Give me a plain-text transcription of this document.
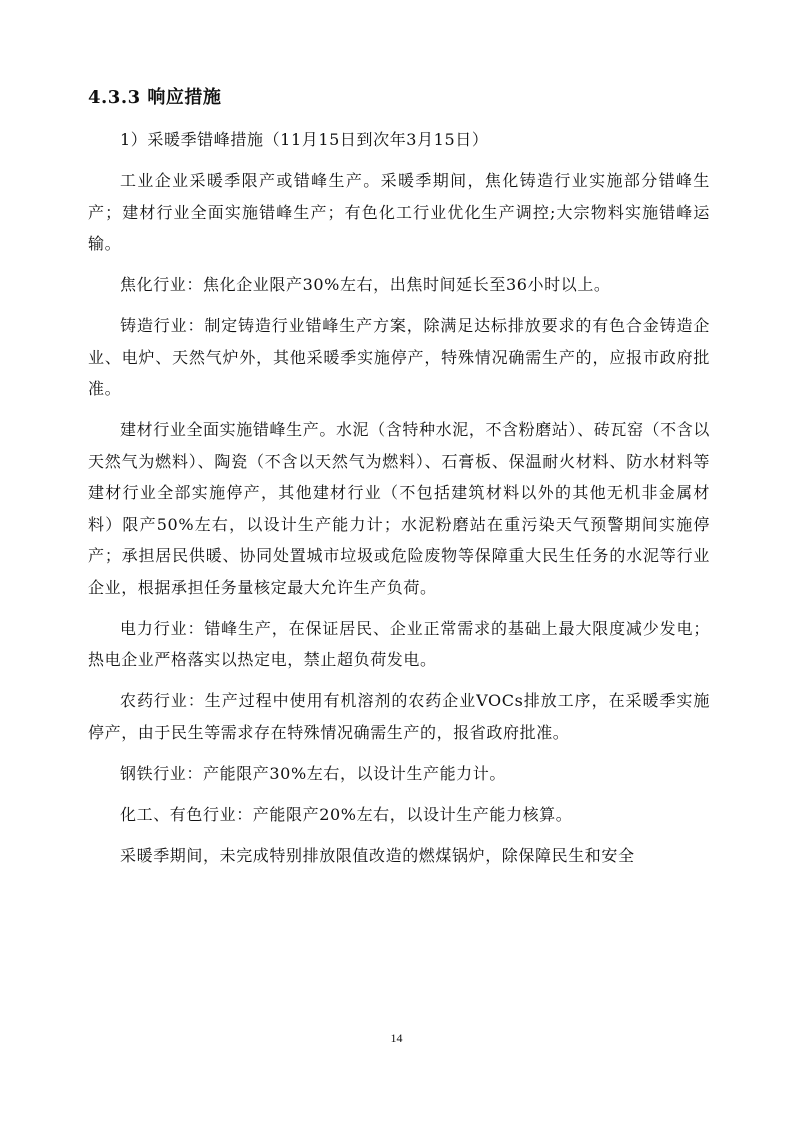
4.3.3 响应措施

1）采暖季错峰措施（11月15日到次年3月15日）

工业企业采暖季限产或错峰生产。采暖季期间，焦化铸造行业实施部分错峰生产；建材行业全面实施错峰生产；有色化工行业优化生产调控;大宗物料实施错峰运输。

焦化行业：焦化企业限产30%左右，出焦时间延长至36小时以上。

铸造行业：制定铸造行业错峰生产方案，除满足达标排放要求的有色合金铸造企业、电炉、天然气炉外，其他采暖季实施停产，特殊情况确需生产的，应报市政府批准。

建材行业全面实施错峰生产。水泥（含特种水泥，不含粉磨站）、砖瓦窑（不含以天然气为燃料）、陶瓷（不含以天然气为燃料）、石膏板、保温耐火材料、防水材料等建材行业全部实施停产，其他建材行业（不包括建筑材料以外的其他无机非金属材料）限产50%左右，以设计生产能力计；水泥粉磨站在重污染天气预警期间实施停产；承担居民供暖、协同处置城市垃圾或危险废物等保障重大民生任务的水泥等行业企业，根据承担任务量核定最大允许生产负荷。

电力行业：错峰生产，在保证居民、企业正常需求的基础上最大限度减少发电；热电企业严格落实以热定电，禁止超负荷发电。

农药行业：生产过程中使用有机溶剂的农药企业VOCs排放工序，在采暖季实施停产，由于民生等需求存在特殊情况确需生产的，报省政府批准。

钢铁行业：产能限产30%左右，以设计生产能力计。

化工、有色行业：产能限产20%左右，以设计生产能力核算。

采暖季期间，未完成特别排放限值改造的燃煤锅炉，除保障民生和安全

14
